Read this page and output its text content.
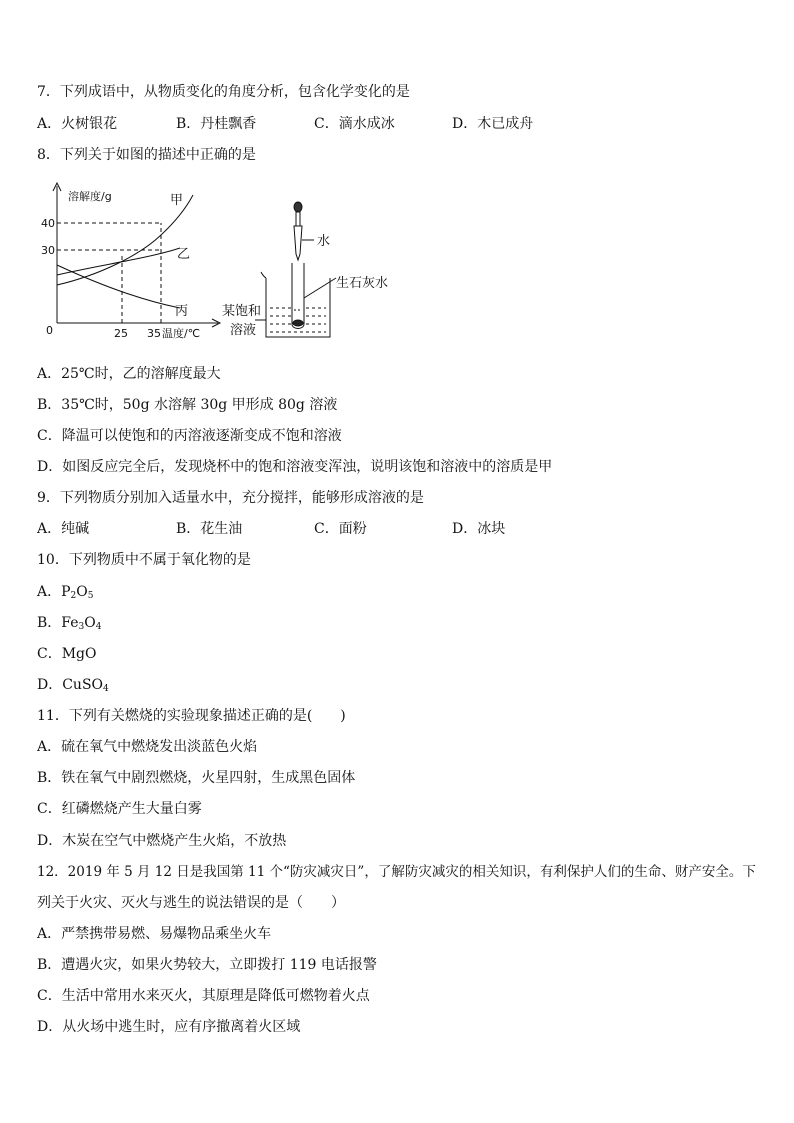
7．下列成语中，从物质变化的角度分析，包含化学变化的是
A．火树银花	B．丹桂飘香	C．滴水成冰	D．木已成舟
8．下列关于如图的描述中正确的是
溶解度/g
40
30
0	25 35 温度/℃
甲
乙
丙
水
生石灰水
某饱和
溶液
A．25℃时，乙的溶解度最大
B．35℃时，50g 水溶解 30g 甲形成 80g 溶液
C．降温可以使饱和的丙溶液逐渐变成不饱和溶液
D．如图反应完全后，发现烧杯中的饱和溶液变浑浊，说明该饱和溶液中的溶质是甲
9．下列物质分别加入适量水中，充分搅拌，能够形成溶液的是
A．纯碱	B．花生油	C．面粉	D．冰块
10．下列物质中不属于氧化物的是
A．$P_2O_5$
B．$Fe_3O_4$
C．MgO
D．CuSO$_4$
11．下列有关燃烧的实验现象描述正确的是(　　)
A．硫在氧气中燃烧发出淡蓝色火焰
B．铁在氧气中剧烈燃烧，火星四射，生成黑色固体
C．红磷燃烧产生大量白雾
D．木炭在空气中燃烧产生火焰，不放热
12．2019 年 5 月 12 日是我国第 11 个“防灾减灾日”，了解防灾减灾的相关知识，有利保护人们的生命、财产安全。下
列关于火灾、灭火与逃生的说法错误的是（　　）
A．严禁携带易燃、易爆物品乘坐火车
B．遭遇火灾，如果火势较大，立即拨打 119 电话报警
C．生活中常用水来灭火，其原理是降低可燃物着火点
D．从火场中逃生时，应有序撤离着火区域
